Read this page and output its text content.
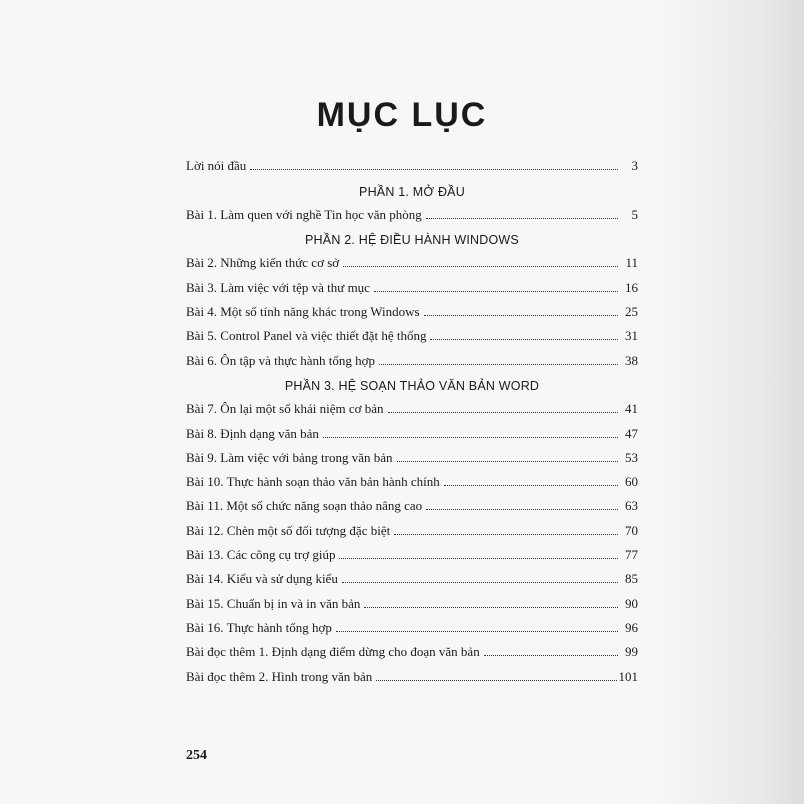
MỤC LỤC
Lời nói đầu	3
PHẦN 1. MỞ ĐẦU
Bài 1. Làm quen với nghề Tin học văn phòng	5
PHẦN 2. HỆ ĐIỀU HÀNH WINDOWS
Bài 2. Những kiến thức cơ sở	11
Bài 3. Làm việc với tệp và thư mục	16
Bài 4. Một số tính năng khác trong Windows	25
Bài 5. Control Panel và việc thiết đặt hệ thống	31
Bài 6. Ôn tập và thực hành tổng hợp	38
PHẦN 3. HỆ SOẠN THẢO VĂN BẢN WORD
Bài 7. Ôn lại một số khái niệm cơ bản	41
Bài 8. Định dạng văn bản	47
Bài 9. Làm việc với bảng trong văn bản	53
Bài 10. Thực hành soạn thảo văn bản hành chính	60
Bài 11. Một số chức năng soạn thảo nâng cao	63
Bài 12. Chèn một số đối tượng đặc biệt	70
Bài 13. Các công cụ trợ giúp	77
Bài 14. Kiểu và sử dụng kiểu	85
Bài 15. Chuẩn bị in và in văn bản	90
Bài 16. Thực hành tổng hợp	96
Bài đọc thêm 1. Định dạng điểm dừng cho đoạn văn bản	99
Bài đọc thêm 2. Hình trong văn bản	101
254
